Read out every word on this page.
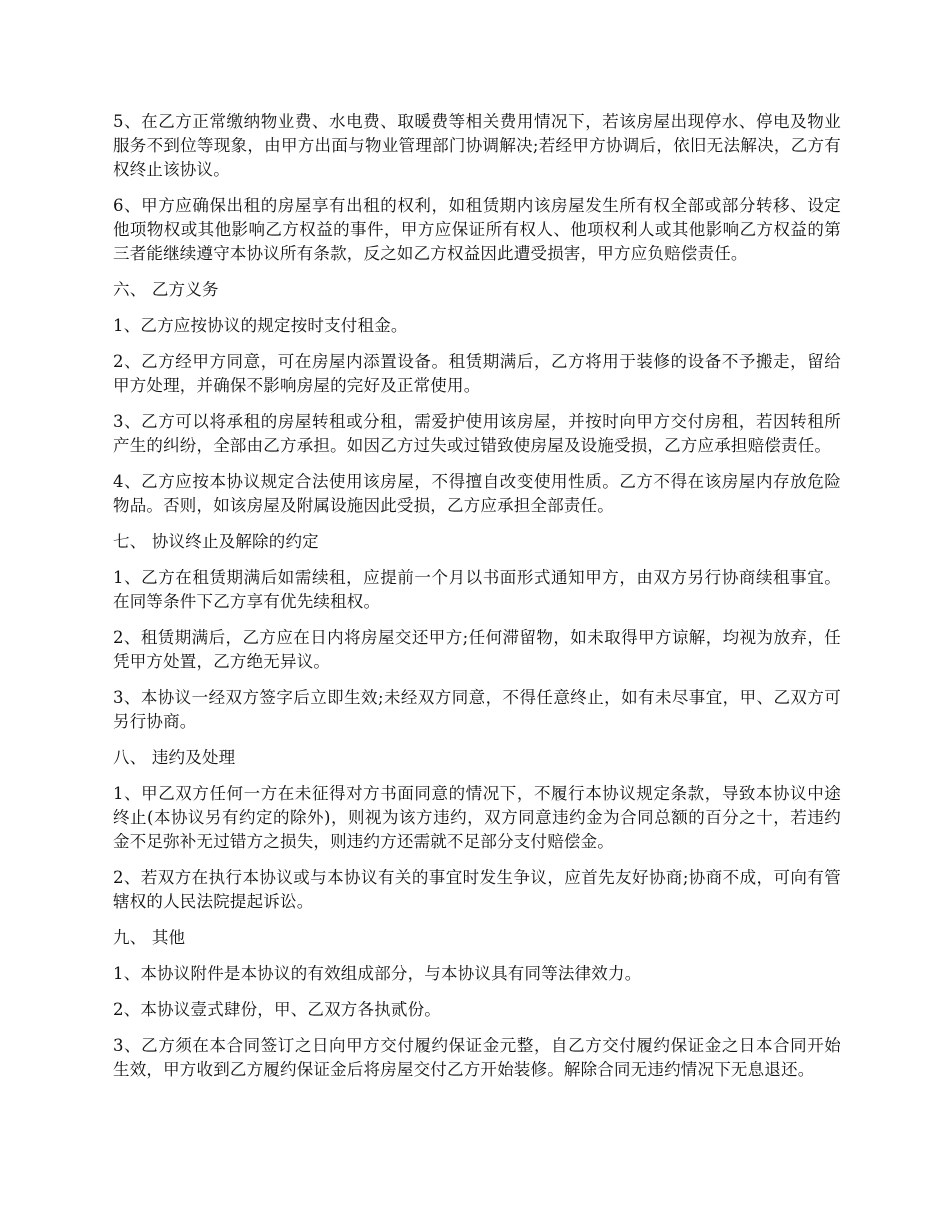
5、在乙方正常缴纳物业费、水电费、取暖费等相关费用情况下，若该房屋出现停水、停电及物业服务不到位等现象，由甲方出面与物业管理部门协调解决;若经甲方协调后，依旧无法解决，乙方有权终止该协议。

6、甲方应确保出租的房屋享有出租的权利，如租赁期内该房屋发生所有权全部或部分转移、设定他项物权或其他影响乙方权益的事件，甲方应保证所有权人、他项权利人或其他影响乙方权益的第三者能继续遵守本协议所有条款，反之如乙方权益因此遭受损害，甲方应负赔偿责任。

六、 乙方义务

1、乙方应按协议的规定按时支付租金。

2、乙方经甲方同意，可在房屋内添置设备。租赁期满后，乙方将用于装修的设备不予搬走，留给甲方处理，并确保不影响房屋的完好及正常使用。

3、乙方可以将承租的房屋转租或分租，需爱护使用该房屋，并按时向甲方交付房租，若因转租所产生的纠纷，全部由乙方承担。如因乙方过失或过错致使房屋及设施受损，乙方应承担赔偿责任。

4、乙方应按本协议规定合法使用该房屋，不得擅自改变使用性质。乙方不得在该房屋内存放危险物品。否则，如该房屋及附属设施因此受损，乙方应承担全部责任。

七、 协议终止及解除的约定

1、乙方在租赁期满后如需续租，应提前一个月以书面形式通知甲方，由双方另行协商续租事宜。在同等条件下乙方享有优先续租权。

2、租赁期满后，乙方应在日内将房屋交还甲方;任何滞留物，如未取得甲方谅解，均视为放弃，任凭甲方处置，乙方绝无异议。

3、本协议一经双方签字后立即生效;未经双方同意，不得任意终止，如有未尽事宜，甲、乙双方可另行协商。

八、 违约及处理

1、甲乙双方任何一方在未征得对方书面同意的情况下，不履行本协议规定条款，导致本协议中途终止(本协议另有约定的除外)，则视为该方违约，双方同意违约金为合同总额的百分之十，若违约金不足弥补无过错方之损失，则违约方还需就不足部分支付赔偿金。

2、若双方在执行本协议或与本协议有关的事宜时发生争议，应首先友好协商;协商不成，可向有管辖权的人民法院提起诉讼。

九、 其他

1、本协议附件是本协议的有效组成部分，与本协议具有同等法律效力。

2、本协议壹式肆份，甲、乙双方各执贰份。

3、乙方须在本合同签订之日向甲方交付履约保证金元整，自乙方交付履约保证金之日本合同开始生效，甲方收到乙方履约保证金后将房屋交付乙方开始装修。解除合同无违约情况下无息退还。
